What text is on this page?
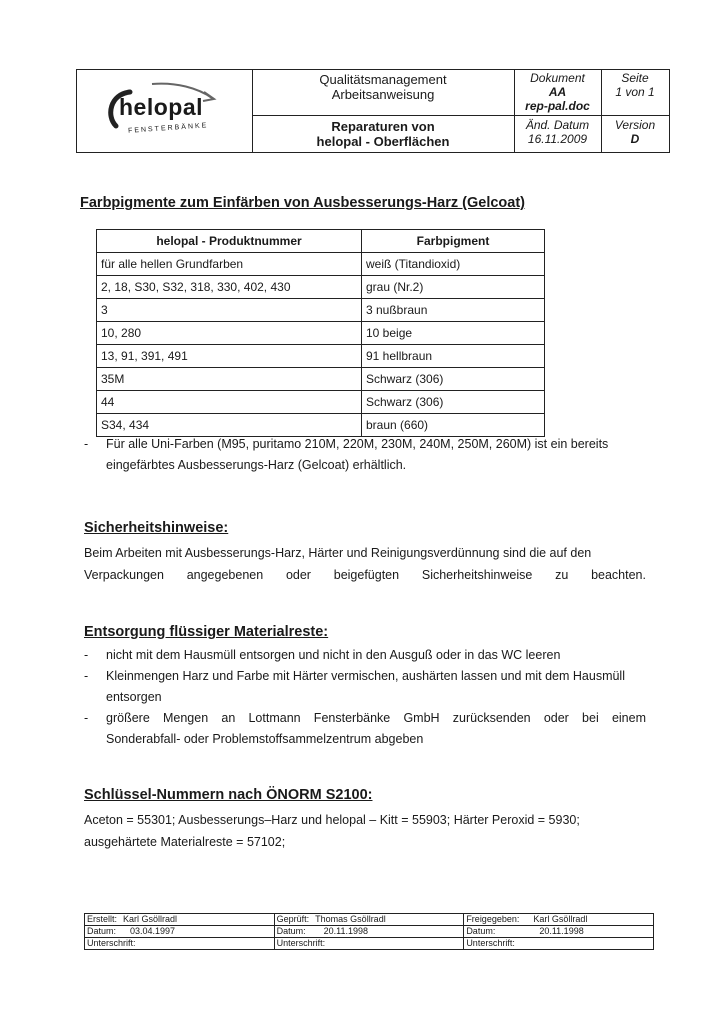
Qualitätsmanagement
Arbeitsanweisung
Reparaturen von
helopal - Oberflächen
Dokument
AA
rep-pal.doc
Seite
1 von 1
Änd. Datum
16.11.2009
Version
D
helopal
FENSTERBÄNKE
Farbpigmente zum Einfärben von Ausbesserungs-Harz (Gelcoat)
helopal - Produktnummer	Farbpigment
für alle hellen Grundfarben	weiß (Titandioxid)
2, 18, S30, S32, 318, 330, 402, 430	grau (Nr.2)
3	3 nußbraun
10, 280	10 beige
13, 91, 391, 491	91 hellbraun
35M	Schwarz (306)
44	Schwarz (306)
S34, 434	braun (660)
- Für alle Uni-Farben (M95, puritamo 210M, 220M, 230M, 240M, 250M, 260M) ist ein bereits
eingefärbtes Ausbesserungs-Harz (Gelcoat) erhältlich.
Sicherheitshinweise:

Beim Arbeiten mit Ausbesserungs-Harz, Härter und Reinigungsverdünnung sind die auf den
Verpackungen angegebenen oder beigefügten Sicherheitshinweise zu beachten.

Entsorgung flüssiger Materialreste:
- nicht mit dem Hausmüll entsorgen und nicht in den Ausguß oder in das WC leeren
- Kleinmengen Harz und Farbe mit Härter vermischen, aushärten lassen und mit dem Hausmüll
entsorgen
- größere Mengen an Lottmann Fensterbänke GmbH zurücksenden oder bei einem
Sonderabfall- oder Problemstoffsammelzentrum abgeben
Schlüssel-Nummern nach ÖNORM S2100:

Aceton = 55301; Ausbesserungs–Harz und helopal – Kitt = 55903; Härter Peroxid = 5930;
ausgehärtete Materialreste = 57102;

Erstellt: Karl Gsöllradl	Geprüft: Thomas Gsöllradl	Freigegeben: Karl Gsöllradl
Datum: 03.04.1997	Datum: 20.11.1998	Datum: 20.11.1998
Unterschrift:	Unterschrift:	Unterschrift:
